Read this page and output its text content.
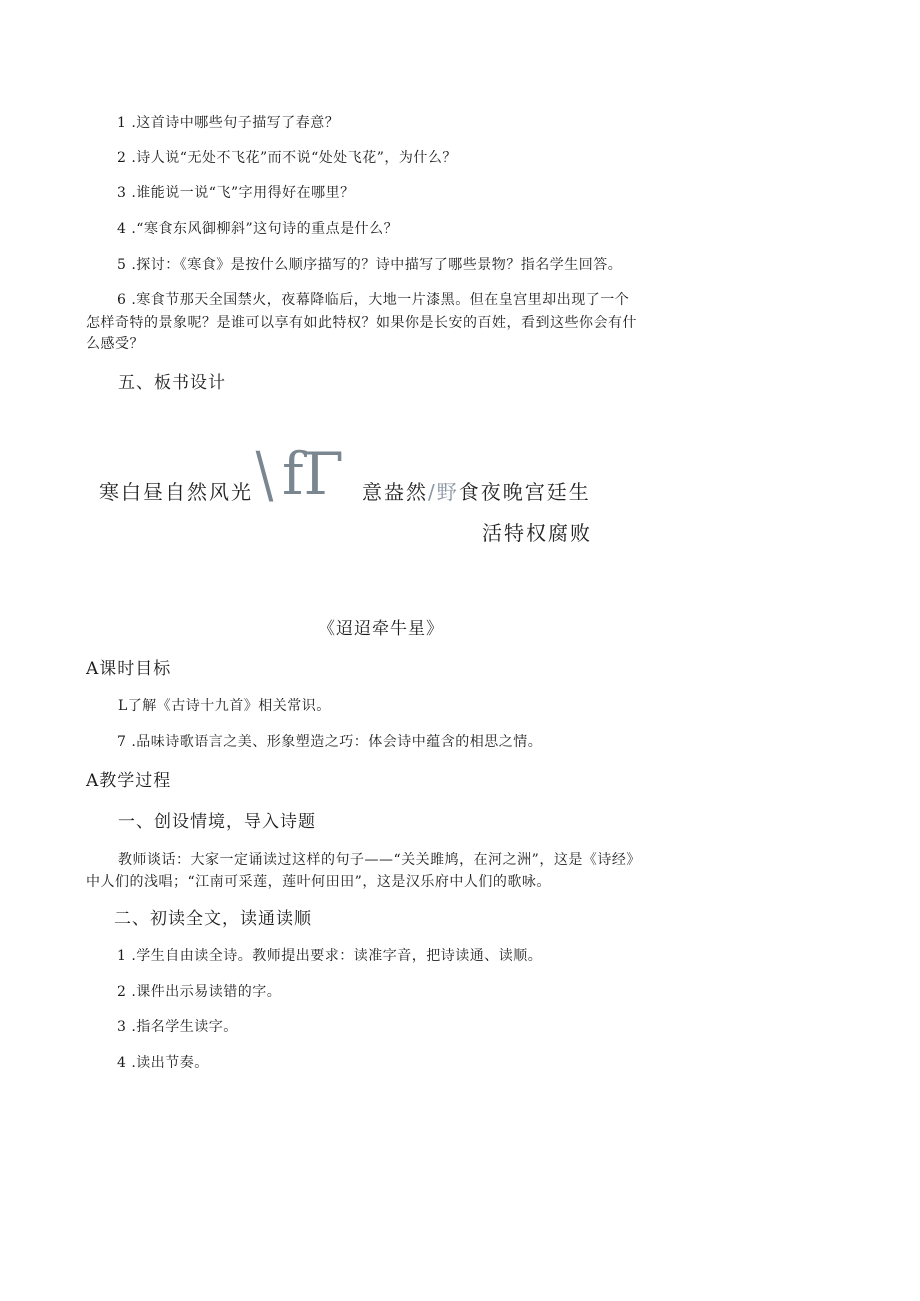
1 .这首诗中哪些句子描写了春意？
2 .诗人说“无处不飞花”而不说“处处飞花”，为什么？
3 .谁能说一说“飞”字用得好在哪里？
4 .“寒食东风御柳斜”这句诗的重点是什么？
5 .探讨：《寒食》是按什么顺序描写的？诗中描写了哪些景物？指名学生回答。
6 .寒食节那天全国禁火，夜幕降临后，大地一片漆黑。但在皇宫里却出现了一个
怎样奇特的景象呢？是谁可以享有如此特权？如果你是长安的百姓，看到这些你会有什
么感受？
五、板书设计
寒白昼自然风光 \ fΓ 意盎然/野食夜晚宫廷生
活特权腐败
《迢迢牵牛星》
A课时目标
L了解《古诗十九首》相关常识。
7 .品味诗歌语言之美、形象塑造之巧：体会诗中蕴含的相思之情。
A教学过程
一、创设情境，导入诗题
教师谈话：大家一定诵读过这样的句子——“关关雎鸠，在河之洲”，这是《诗经》
中人们的浅唱；“江南可采莲，莲叶何田田”，这是汉乐府中人们的歌咏。
二、初读全文，读通读顺
1 .学生自由读全诗。教师提出要求：读准字音，把诗读通、读顺。
2 .课件出示易读错的字。
3 .指名学生读字。
4 .读出节奏。
